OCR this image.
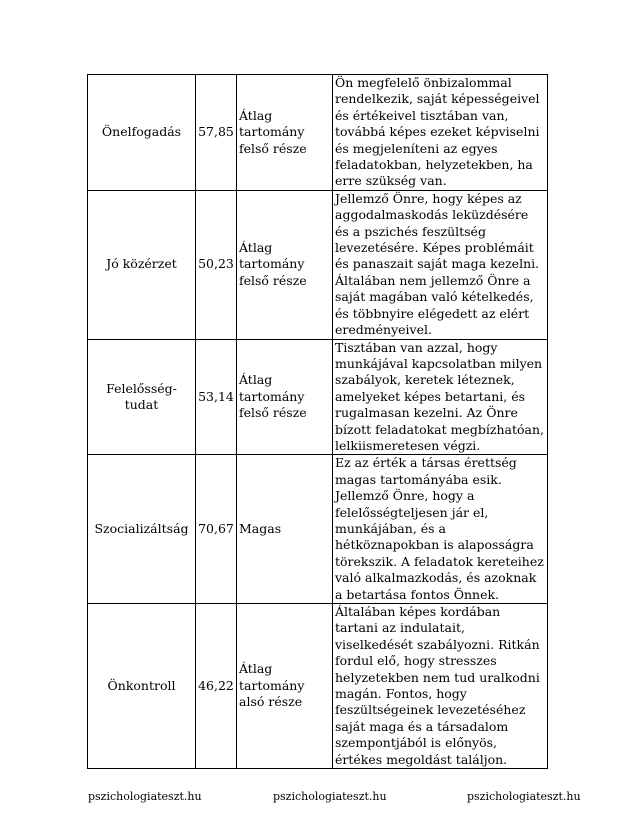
Önelfogadás	57,85	Átlag tartomány felső része	Ön megfelelő önbizalommal rendelkezik, saját képességeivel és értékeivel tisztában van, továbbá képes ezeket képviselni és megjeleníteni az egyes feladatokban, helyzetekben, ha erre szükség van.
Jó közérzet	50,23	Átlag tartomány felső része	Jellemző Önre, hogy képes az aggodalmaskodás leküzdésére és a pszichés feszültség levezetésére. Képes problémáit és panaszait saját maga kezelni. Általában nem jellemző Önre a saját magában való kételkedés, és többnyire elégedett az elért eredményeivel.
Felelősség-tudat	53,14	Átlag tartomány felső része	Tisztában van azzal, hogy munkájával kapcsolatban milyen szabályok, keretek léteznek, amelyeket képes betartani, és rugalmasan kezelni. Az Önre bízott feladatokat megbízhatóan, lelkiismeretesen végzi.
Szocializáltság	70,67	Magas	Ez az érték a társas érettség magas tartományába esik. Jellemző Önre, hogy a felelősségteljesen jár el, munkájában, és a hétköznapokban is alaposságra törekszik. A feladatok kereteihez való alkalmazkodás, és azoknak a betartása fontos Önnek.
Önkontroll	46,22	Átlag tartomány alsó része	Általában képes kordában tartani az indulatait, viselkedését szabályozni. Ritkán fordul elő, hogy stresszes helyzetekben nem tud uralkodni magán. Fontos, hogy feszültségeinek levezetéséhez saját maga és a társadalom szempontjából is előnyös, értékes megoldást találjon.
pszichologiateszt.hu	pszichologiateszt.hu	pszichologiateszt.hu
